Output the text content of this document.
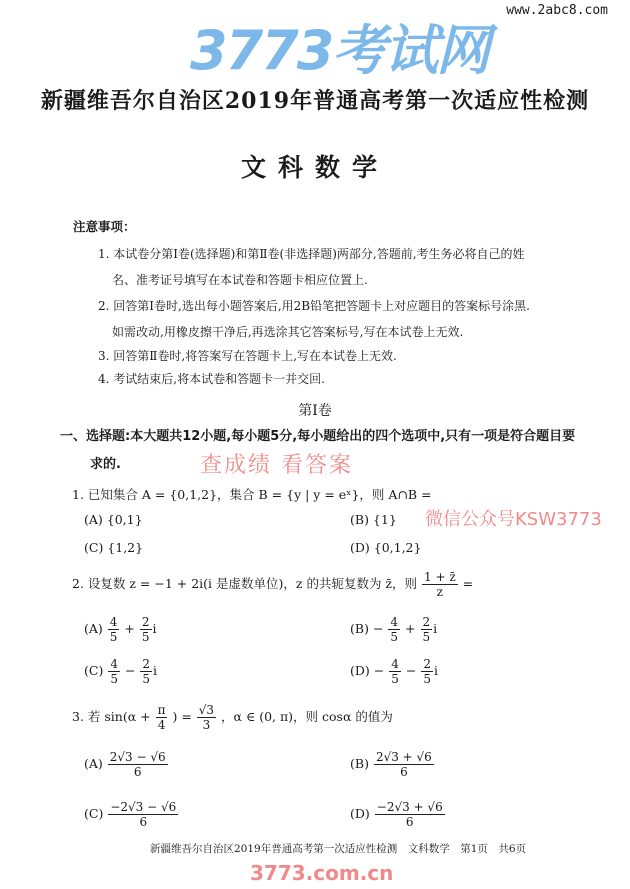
www.2abc8.com
3773考试网
新疆维吾尔自治区2019年普通高考第一次适应性检测
文科数学
注意事项：
1. 本试卷分第Ⅰ卷(选择题)和第Ⅱ卷(非选择题)两部分,答题前,考生务必将自己的姓
名、准考证号填写在本试卷和答题卡相应位置上.
2. 回答第Ⅰ卷时,选出每小题答案后,用2B铅笔把答题卡上对应题目的答案标号涂黑.
如需改动,用橡皮擦干净后,再选涂其它答案标号,写在本试卷上无效.
3. 回答第Ⅱ卷时,将答案写在答题卡上,写在本试卷上无效.
4. 考试结束后,将本试卷和答题卡一并交回.
第Ⅰ卷
一、选择题:本大题共12小题,每小题5分,每小题给出的四个选项中,只有一项是符合题目要
求的.	查成绩 看答案
1. 已知集合 A = {0,1,2}，集合 B = {y | y = eˣ}，则 A∩B =
(A) {0,1}	(B) {1} 微信公众号KSW3773
(C) {1,2}	(D) {0,1,2}
2. 设复数 z = −1 + 2i(i 是虚数单位)，z 的共轭复数为 z̄，则 $\frac{1 + z̄}{z}$ =
$(A) \frac{4}{5} + \frac{2}{5}$ i	$(B) - \frac{4}{5} + \frac{2}{5}$ i
$(C) \frac{4}{5} - \frac{2}{5}$ i	$(D) - \frac{4}{5} - \frac{2}{5}$ i
3. 若 $\sin(\alpha + \frac{\pi}{4}$ ) = $\frac{√3}{3}$ ，α ∈ (0, π)，则 cosα 的值为
$(A) \frac{2√3 - √6}{6}$	$(B) \frac{2√3 + √6}{6}$
$(C) \frac{-2√3 - √6}{6}$	$(D) \frac{-2√3 + √6}{6}$
新疆维吾尔自治区2019年普通高考第一次适应性检测　文科数学　第1页　共6页
3773.com.cn
